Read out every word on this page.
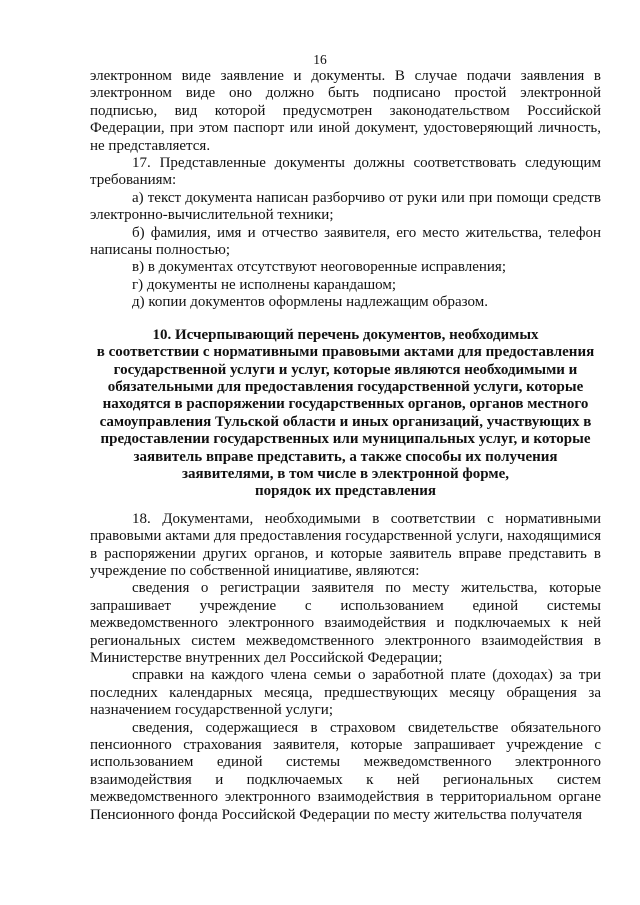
16

электронном виде заявление и документы. В случае подачи заявления в электронном виде оно должно быть подписано простой электронной подписью, вид которой предусмотрен законодательством Российской Федерации, при этом паспорт или иной документ, удостоверяющий личность, не представляется.

17. Представленные документы должны соответствовать следующим требованиям:

а) текст документа написан разборчиво от руки или при помощи средств электронно-вычислительной техники;

б) фамилия, имя и отчество заявителя, его место жительства, телефон написаны полностью;

в) в документах отсутствуют неоговоренные исправления;

г) документы не исполнены карандашом;

д) копии документов оформлены надлежащим образом.

10. Исчерпывающий перечень документов, необходимых
в соответствии с нормативными правовыми актами для предоставления
государственной услуги и услуг, которые являются необходимыми и
обязательными для предоставления государственной услуги, которые
находятся в распоряжении государственных органов, органов местного
самоуправления Тульской области и иных организаций, участвующих в
предоставлении государственных или муниципальных услуг, и которые
заявитель вправе представить, а также способы их получения
заявителями, в том числе в электронной форме,
порядок их представления

18. Документами, необходимыми в соответствии с нормативными правовыми актами для предоставления государственной услуги, находящимися в распоряжении других органов, и которые заявитель вправе представить в учреждение по собственной инициативе, являются:

сведения о регистрации заявителя по месту жительства, которые запрашивает учреждение с использованием единой системы межведомственного электронного взаимодействия и подключаемых к ней региональных систем межведомственного электронного взаимодействия в Министерстве внутренних дел Российской Федерации;

справки на каждого члена семьи о заработной плате (доходах) за три последних календарных месяца, предшествующих месяцу обращения за назначением государственной услуги;

сведения, содержащиеся в страховом свидетельстве обязательного пенсионного страхования заявителя, которые запрашивает учреждение с использованием единой системы межведомственного электронного взаимодействия и подключаемых к ней региональных систем межведомственного электронного взаимодействия в территориальном органе Пенсионного фонда Российской Федерации по месту жительства получателя
